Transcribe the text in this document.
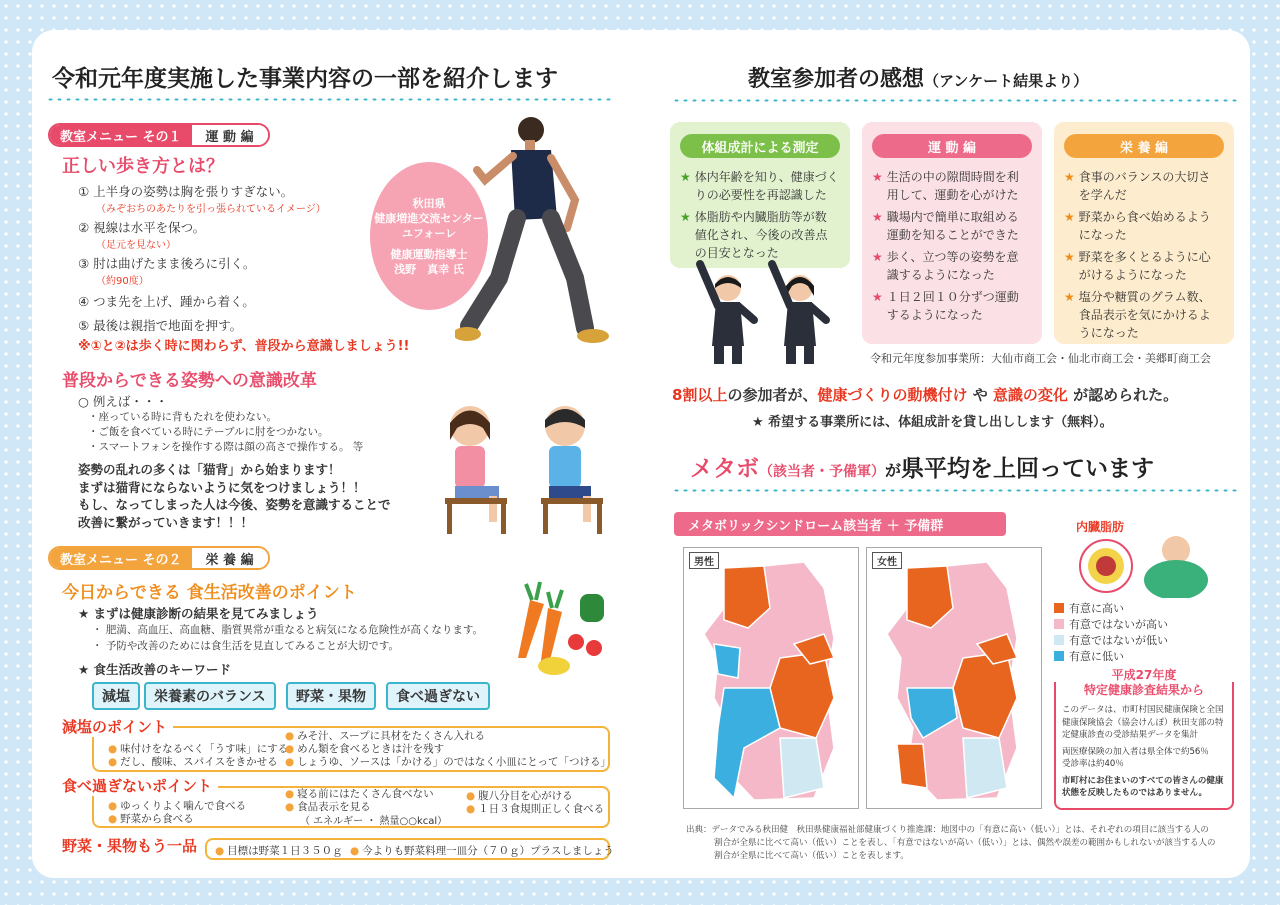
令和元年度実施した事業内容の一部を紹介します
教室メニュー その１	運 動 編
正しい歩き方とは？
① 上半身の姿勢は胸を張りすぎない。
（みぞおちのあたりを引っ張られているイメージ）
② 視線は水平を保つ。
（足元を見ない）
③ 肘は曲げたまま後ろに引く。
（約90度）
④ つま先を上げ、踵から着く。
⑤ 最後は親指で地面を押す。
※①と②は歩く時に関わらず、普段から意識しましょう!!
秋田県
健康増進交流センター
ユフォーレ
健康運動指導士
浅野　真幸 氏
普段からできる姿勢への意識改革
○ 例えば・・・
・座っている時に背もたれを使わない。
・ご飯を食べている時にテーブルに肘をつかない。
・スマートフォンを操作する際は顔の高さで操作する。 等
姿勢の乱れの多くは「猫背」から始まります！
まずは猫背にならないように気をつけましょう！！
もし、なってしまった人は今後、姿勢を意識することで
改善に繋がっていきます！！！
教室メニュー その２	栄 養 編
今日からできる 食生活改善のポイント
★ まずは健康診断の結果を見てみましょう
・ 肥満、高血圧、高血糖、脂質異常が重なると病気になる危険性が高くなります。
・ 予防や改善のためには食生活を見直してみることが大切です。
★ 食生活改善のキーワード
減塩	栄養素のバランス	野菜・果物	食べ過ぎない
減塩のポイント
● 味付けをなるべく「うす味」にする
● だし、酸味、スパイスをきかせる
● みそ汁、スープに具材をたくさん入れる
● めん類を食べるときは汁を残す
● しょうゆ、ソースは「かける」のではなく小皿にとって「つける」
食べ過ぎないポイント
● ゆっくりよく噛んで食べる
● 野菜から食べる
● 寝る前にはたくさん食べない
● 食品表示を見る
（ エネルギー ・ 熱量○○kcal）
● 腹八分目を心がける
● １日３食規則正しく食べる
野菜・果物もう一品	● 目標は野菜１日３５０ｇ	● 今よりも野菜料理一皿分（７０ｇ）プラスしましょう
教室参加者の感想（アンケート結果より）
体組成計による測定
★ 体内年齢を知り、健康づく
りの必要性を再認識した
★ 体脂肪や内臓脂肪等が数
値化され、今後の改善点
の目安となった
運 動 編
★ 生活の中の隙間時間を利
用して、運動を心がけた
★ 職場内で簡単に取組める
運動を知ることができた
★ 歩く、立つ等の姿勢を意
識するようになった
★ １日２回１０分ずつ運動
するようになった
栄 養 編
★ 食事のバランスの大切さ
を学んだ
★ 野菜から食べ始めるよう
になった
★ 野菜を多くとるように心
がけるようになった
★ 塩分や糖質のグラム数、
食品表示を気にかけるよ
うになった
令和元年度参加事業所：大仙市商工会・仙北市商工会・美郷町商工会
8割以上の参加者が、健康づくりの動機付け や 意識の変化 が認められた。
★ 希望する事業所には、体組成計を貸し出しします（無料）。
メタボ（該当者・予備軍）が県平均を上回っています
メタボリックシンドローム該当者 ＋ 予備群
男性	女性
内臓脂肪
有意に高い
有意ではないが高い
有意ではないが低い
有意に低い
平成27年度
特定健康診査結果から
このデータは、市町村国民健康保険と全国
健康保険協会（協会けんぽ）秋田支部の特
定健康診査の受診結果データを集計
両医療保険の加入者は県全体で約56％
受診率は約40％
市町村にお住まいのすべての皆さんの健康
状態を反映したものではありません。
出典：データでみる秋田健　秋田県健康福祉部健康づくり推進課：地図中の「有意に高い（低い）」とは、それぞれの項目に該当する人の
割合が全県に比べて高い（低い）ことを表し、「有意ではないが高い（低い）」とは、偶然や誤差の範囲かもしれないが該当する人の
割合が全県に比べて高い（低い）ことを表します。
